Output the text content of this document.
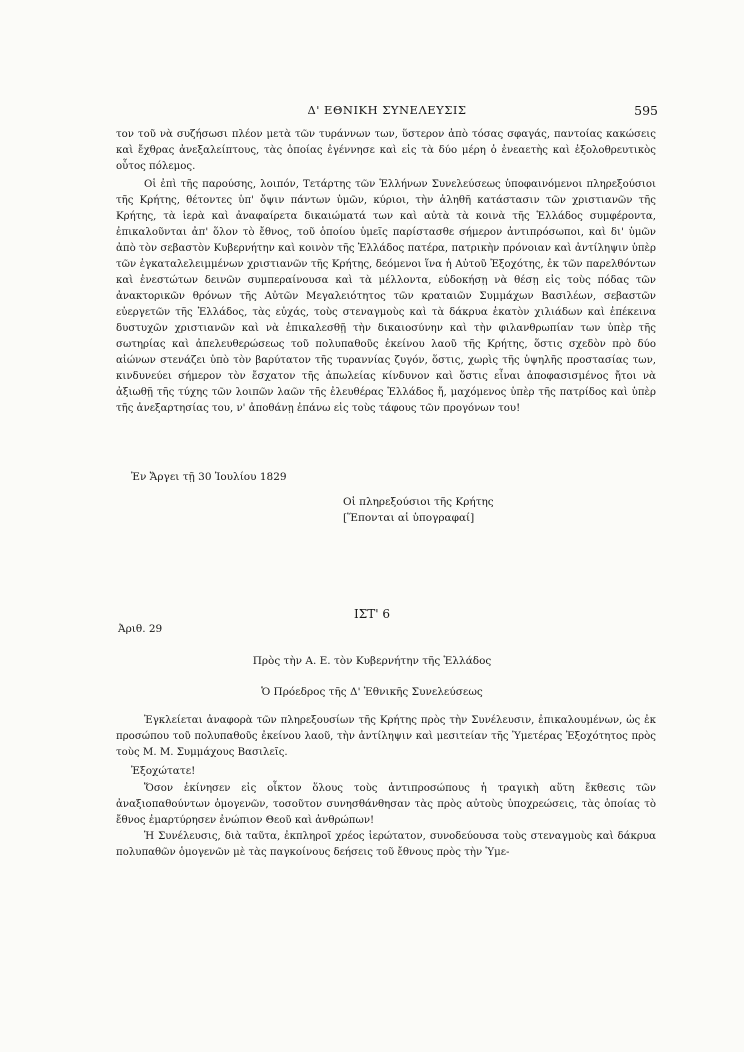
Δ' ΕΘΝΙΚΗ ΣΥΝΕΛΕΥΣΙΣ	595

τον τοῦ νὰ συζήσωσι πλέον μετὰ τῶν τυράννων των, ὕστερον ἀπὸ τόσας σφαγάς, παντοίας κακώσεις καὶ ἔχθρας ἀνεξαλείπτους, τὰς ὁποίας ἐγέννησε καὶ εἰς τὰ δύο μέρη ὁ ἐνεαετὴς καὶ ἐξολοθρευτικὸς οὗτος πόλεμος.

Οἱ ἐπὶ τῆς παρούσης, λοιπόν, Τετάρτης τῶν Ἑλλήνων Συνελεύσεως ὑποφαινόμενοι πληρεξούσιοι τῆς Κρήτης, θέτοντες ὑπ' ὄψιν πάντων ὑμῶν, κύριοι, τὴν ἀληθῆ κατάστασιν τῶν χριστιανῶν τῆς Κρήτης, τὰ ἱερὰ καὶ ἀναφαίρετα δικαιώματά των καὶ αὐτὰ τὰ κοινὰ τῆς Ἑλλάδος συμφέροντα, ἐπικαλοῦνται ἀπ' ὅλον τὸ ἔθνος, τοῦ ὁποίου ὑμεῖς παρίστασθε σήμερον ἀντιπρόσωποι, καὶ δι' ὑμῶν ἀπὸ τὸν σεβαστὸν Κυβερνήτην καὶ κοινὸν τῆς Ἑλλάδος πατέρα, πατρικὴν πρόνοιαν καὶ ἀντίληψιν ὑπὲρ τῶν ἐγκαταλελειμμένων χριστιανῶν τῆς Κρήτης, δεόμενοι ἵνα ἡ Αὐτοῦ Ἐξοχότης, ἐκ τῶν παρελθόντων καὶ ἐνεστώτων δεινῶν συμπεραίνουσα καὶ τὰ μέλλοντα, εὐδοκήσῃ νὰ θέσῃ εἰς τοὺς πόδας τῶν ἀνακτορικῶν θρόνων τῆς Αὐτῶν Μεγαλειότητος τῶν κραταιῶν Συμμάχων Βασιλέων, σεβαστῶν εὐεργετῶν τῆς Ἑλλάδος, τὰς εὐχάς, τοὺς στεναγμοὺς καὶ τὰ δάκρυα ἑκατὸν χιλιάδων καὶ ἐπέκεινα δυστυχῶν χριστιανῶν καὶ νὰ ἐπικαλεσθῇ τὴν δικαιοσύνην καὶ τὴν φιλανθρωπίαν των ὑπὲρ τῆς σωτηρίας καὶ ἀπελευθερώσεως τοῦ πολυπαθοῦς ἐκείνου λαοῦ τῆς Κρήτης, ὅστις σχεδὸν πρὸ δύο αἰώνων στενάζει ὑπὸ τὸν βαρύτατον τῆς τυραννίας ζυγόν, ὅστις, χωρὶς τῆς ὑψηλῆς προστασίας των, κινδυνεύει σήμερον τὸν ἔσχατον τῆς ἀπωλείας κίνδυνον καὶ ὅστις εἶναι ἀποφασισμένος ἤτοι νὰ ἀξιωθῇ τῆς τύχης τῶν λοιπῶν λαῶν τῆς ἐλευθέρας Ἑλλάδος ἤ, μαχόμενος ὑπὲρ τῆς πατρίδος καὶ ὑπὲρ τῆς ἀνεξαρτησίας του, ν' ἀποθάνῃ ἐπάνω εἰς τοὺς τάφους τῶν προγόνων του!

Ἐν Ἄργει τῇ 30 Ἰουλίου 1829
Οἱ πληρεξούσιοι τῆς Κρήτης
[Ἕπονται αἱ ὑπογραφαί]
ΙΣΤ' 6
Ἀριθ. 29
Πρὸς τὴν Α. Ε. τὸν Κυβερνήτην τῆς Ἑλλάδος
Ὁ Πρόεδρος τῆς Δ' Ἐθνικῆς Συνελεύσεως

Ἐγκλείεται ἀναφορὰ τῶν πληρεξουσίων τῆς Κρήτης πρὸς τὴν Συνέλευσιν, ἐπικαλουμένων, ὡς ἐκ προσώπου τοῦ πολυπαθοῦς ἐκείνου λαοῦ, τὴν ἀντίληψιν καὶ μεσιτείαν τῆς Ὑμετέρας Ἐξοχότητος πρὸς τοὺς Μ. Μ. Συμμάχους Βασιλεῖς.

Ἐξοχώτατε!

Ὅσον ἐκίνησεν εἰς οἶκτον ὅλους τοὺς ἀντιπροσώπους ἡ τραγικὴ αὕτη ἔκθεσις τῶν ἀναξιοπαθούντων ὁμογενῶν, τοσοῦτον συνησθάνθησαν τὰς πρὸς αὐτοὺς ὑποχρεώσεις, τὰς ὁποίας τὸ ἔθνος ἐμαρτύρησεν ἐνώπιον Θεοῦ καὶ ἀνθρώπων!

Ἡ Συνέλευσις, διὰ ταῦτα, ἐκπληροῖ χρέος ἱερώτατον, συνοδεύουσα τοὺς στεναγμοὺς καὶ δάκρυα πολυπαθῶν ὁμογενῶν μὲ τὰς παγκοίνους δεήσεις τοῦ ἔθνους πρὸς τὴν Ὑμε-
